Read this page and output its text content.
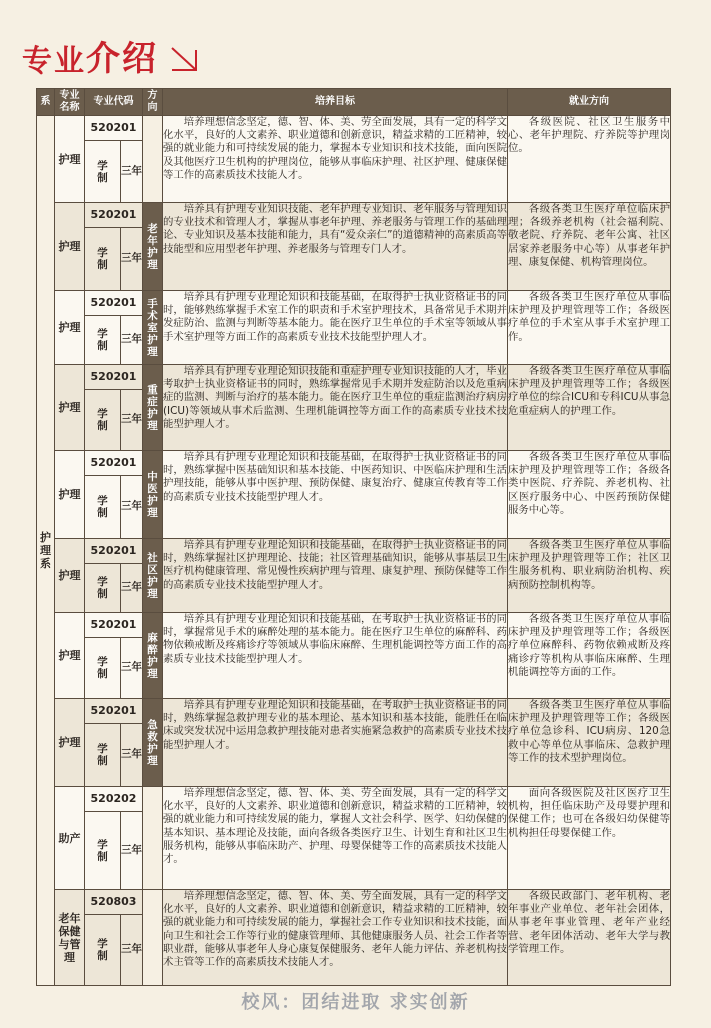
专业 介绍
系	专业名称	专业代码		方向	培养目标	就业方向
护理系	护理	520201			培养理想信念坚定，德、智、体、美、劳全面发展，具有一定的科学文化水平，良好的人文素养、职业道德和创新意识，精益求精的工匠精神，较强的就业能力和可持续发展的能力，掌握本专业知识和技术技能，面向医院及其他医疗卫生机构的护理岗位，能够从事临床护理、社区护理、健康保健等工作的高素质技术技能人才。	各级医院、社区卫生服务中心、老年护理院、疗养院等护理岗位。

		学制	三年			
	护理	520201		老年护理	培养具有护理专业知识技能、老年护理专业知识、老年服务与管理知识的专业技术和管理人才，掌握从事老年护理、养老服务与管理工作的基础理论、专业知识及基本技能和能力，具有“爱众亲仁”的道德精神的高素质高等技能型和应用型老年护理、养老服务与管理专门人才。	各级各类卫生医疗单位临床护理；各级养老机构（社会福利院、敬老院、疗养院、老年公寓、社区居家养老服务中心等）从事老年护理、康复保健、机构管理岗位。

		学制	三年			
	护理	520201		手术室护理	培养具有护理专业理论知识和技能基础，在取得护士执业资格证书的同时，能够熟练掌握手术室工作的职责和手术室护理技术，具备常见手术期并发症防治、监测与判断等基本能力。能在医疗卫生单位的手术室等领域从事手术室护理等方面工作的高素质专业技术技能型护理人才。	各级各类卫生医疗单位从事临床护理及护理管理等工作；各级医疗单位的手术室从事手术室护理工作。

		学制	三年			
	护理	520201		重症护理	培养具有护理专业理论知识技能和重症护理专业知识技能的人才，毕业考取护士执业资格证书的同时，熟练掌握常见手术期并发症防治以及危重病症的监测、判断与治疗的基本能力。能在医疗卫生单位的重症监测治疗病房(ICU)等领域从事术后监测、生理机能调控等方面工作的高素质专业技术技能型护理人才。	各级各类卫生医疗单位从事临床护理及护理管理等工作；各级医疗单位的综合ICU和专科ICU从事急危重症病人的护理工作。

		学制	三年			
	护理	520201		中医护理	培养具有护理专业理论知识和技能基础，在取得护士执业资格证书的同时，熟练掌握中医基础知识和基本技能、中医药知识、中医临床护理和生活护理技能，能够从事中医护理、预防保健、康复治疗、健康宣传教育等工作的高素质专业技术技能型护理人才。	各级各类卫生医疗单位从事临床护理及护理管理等工作；各级各类中医院、疗养院、养老机构、社区医疗服务中心、中医药预防保健服务中心等。

		学制	三年			
	护理	520201		社区护理	培养具有护理专业理论知识和技能基础，在取得护士执业资格证书的同时，熟练掌握社区护理理论、技能；社区管理基础知识，能够从事基层卫生医疗机构健康管理、常见慢性疾病护理与管理、康复护理、预防保健等工作的高素质专业技术技能型护理人才。	各级各类卫生医疗单位从事临床护理及护理管理等工作；社区卫生服务机构、职业病防治机构、疾病预防控制机构等。

		学制	三年			
	护理	520201		麻醉护理	培养具有护理专业理论知识和技能基础，在考取护士执业资格证书的同时，掌握常见手术的麻醉处理的基本能力。能在医疗卫生单位的麻醉科、药物依赖戒断及疼痛诊疗等领域从事临床麻醉、生理机能调控等方面工作的高素质专业技术技能型护理人才。	各级各类卫生医疗单位从事临床护理及护理管理等工作；各级医疗单位麻醉科、药物依赖戒断及疼痛诊疗等机构从事临床麻醉、生理机能调控等方面的工作。

		学制	三年			
	护理	520201		急救护理	培养具有护理专业理论知识和技能基础，在考取护士执业资格证书的同时，熟练掌握急救护理专业的基本理论、基本知识和基本技能，能胜任在临床或突发状况中运用急救护理技能对患者实施紧急救护的高素质专业技术技能型护理人才。	各级各类卫生医疗单位从事临床护理及护理管理等工作；各级医疗单位急诊科、ICU病房、120急救中心等单位从事临床、急救护理等工作的技术型护理岗位。

		学制	三年			
	助产	520202			培养理想信念坚定，德、智、体、美、劳全面发展，具有一定的科学文化水平，良好的人文素养、职业道德和创新意识，精益求精的工匠精神，较强的就业能力和可持续发展的能力，掌握人文社会科学、医学、妇幼保健的基本知识、基本理论及技能，面向各级各类医疗卫生、计划生育和社区卫生服务机构，能够从事临床助产、护理、母婴保健等工作的高素质技术技能人才。	面向各级医院及社区医疗卫生机构，担任临床助产及母婴护理和保健工作；也可在各级妇幼保健等机构担任母婴保健工作。

		学制	三年			
	老年保健与管理	520803			培养理想信念坚定，德、智、体、美、劳全面发展，具有一定的科学文化水平，良好的人文素养、职业道德和创新意识，精益求精的工匠精神，较强的就业能力和可持续发展的能力，掌握社会工作专业知识和技术技能，面向卫生和社会工作等行业的健康管理师、其他健康服务人员、社会工作者等职业群，能够从事老年人身心康复保健服务、老年人能力评估、养老机构技术主管等工作的高素质技术技能人才。	各级民政部门、老年机构、老年事业产业单位、老年社会团体，从事老年事业管理、老年产业经营、老年团体活动、老年大学与教学管理工作。

		学制	三年			
校风：团结进取 求实创新
